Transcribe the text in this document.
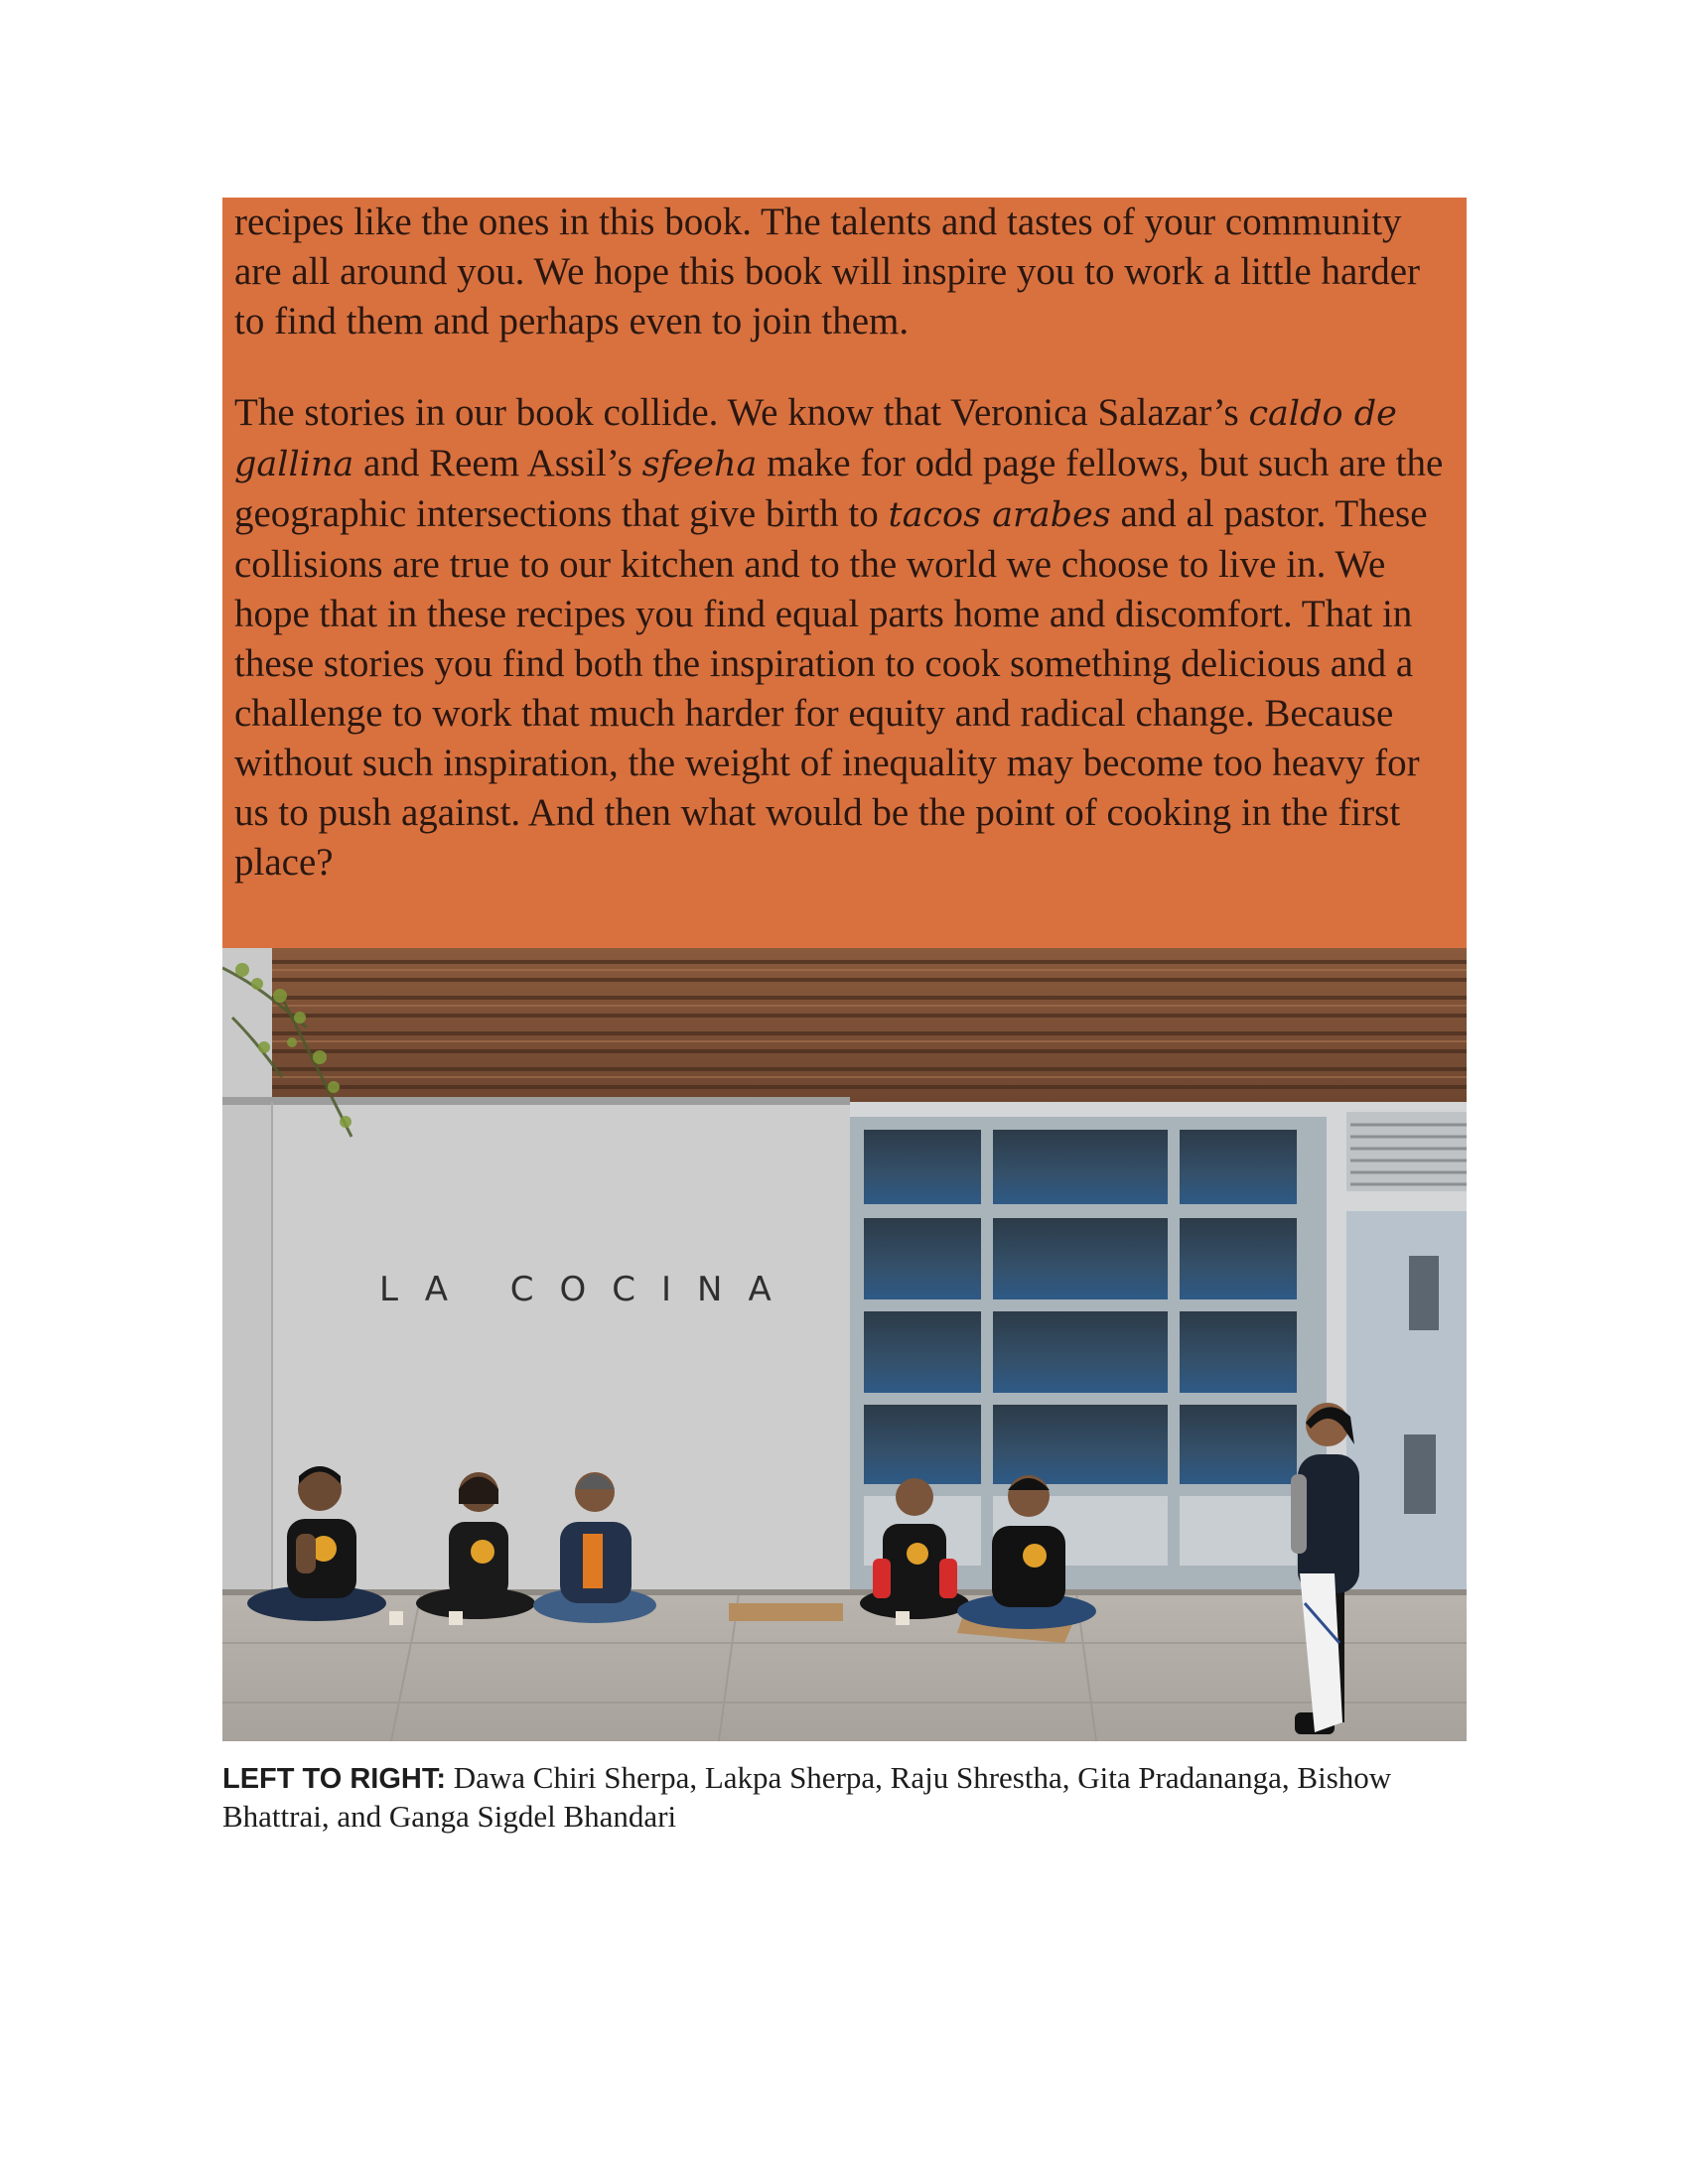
recipes like the ones in this book. The talents and tastes of your community are all around you. We hope this book will inspire you to work a little harder to find them and perhaps even to join them.

The stories in our book collide. We know that Veronica Salazar’s caldo de gallina and Reem Assil’s sfeeha make for odd page fellows, but such are the geographic intersections that give birth to tacos arabes and al pastor. These collisions are true to our kitchen and to the world we choose to live in. We hope that in these recipes you find equal parts home and discomfort. That in these stories you find both the inspiration to cook something delicious and a challenge to work that much harder for equity and radical change. Because without such inspiration, the weight of inequality may become too heavy for us to push against. And then what would be the point of cooking in the first place?

LA COCINA

LEFT TO RIGHT: Dawa Chiri Sherpa, Lakpa Sherpa, Raju Shrestha, Gita Pradananga, Bishow Bhattrai, and Ganga Sigdel Bhandari
